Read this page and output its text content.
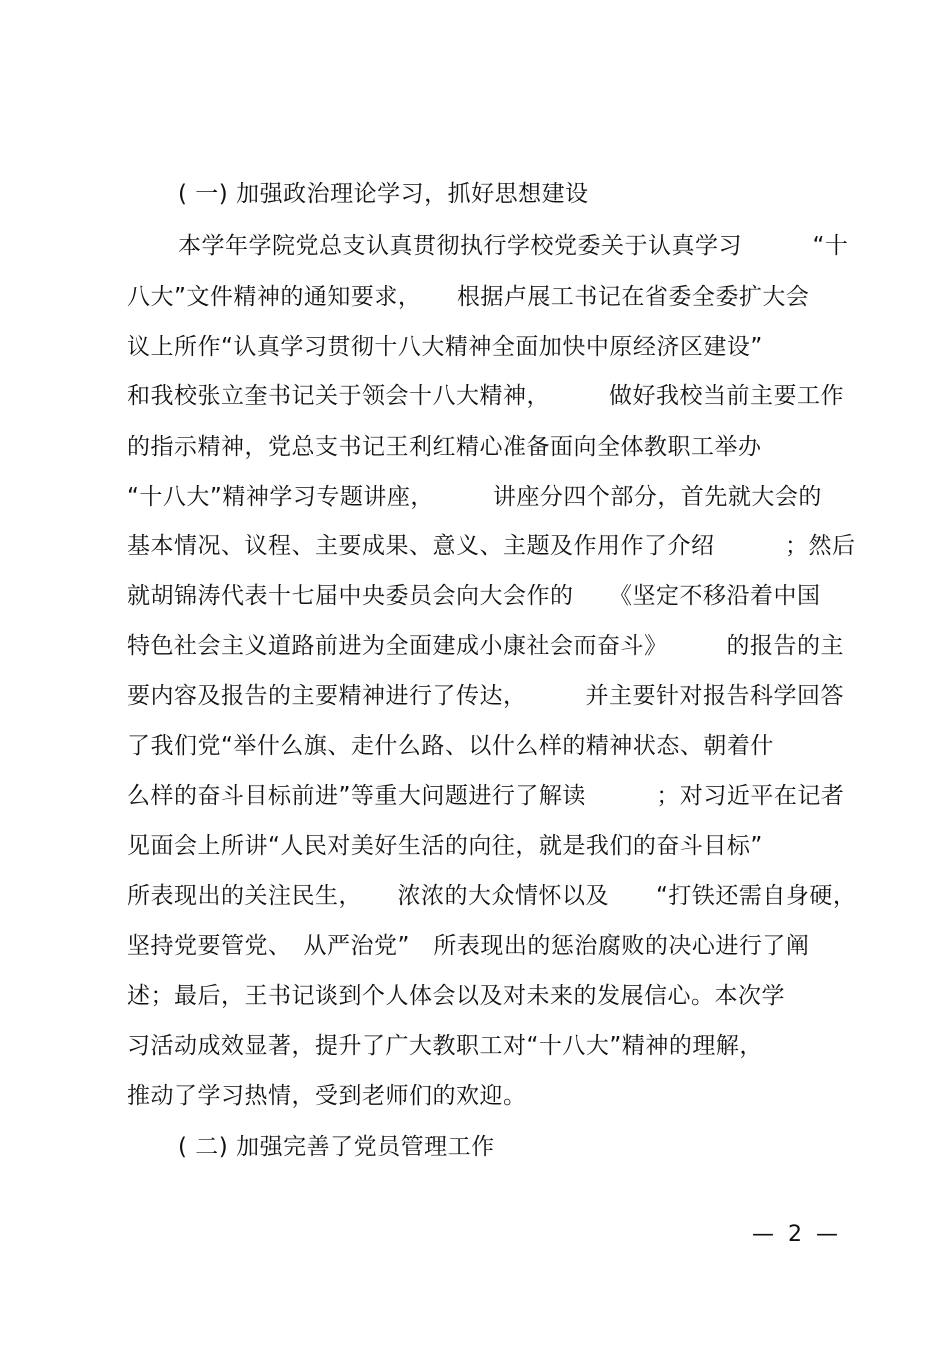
( 一) 加强政治理论学习，抓好思想建设
本学年学院党总支认真贯彻执行学校党委关于认真学习　　　“十
八大”文件精神的通知要求，　　根据卢展工书记在省委全委扩大会
议上所作“认真学习贯彻十八大精神全面加快中原经济区建设”
和我校张立奎书记关于领会十八大精神，　　　做好我校当前主要工作
的指示精神，党总支书记王利红精心准备面向全体教职工举办
“十八大”精神学习专题讲座，　　　讲座分四个部分，首先就大会的
基本情况、议程、主要成果、意义、主题及作用作了介绍　　　；然后
就胡锦涛代表十七届中央委员会向大会作的　　《坚定不移沿着中国
特色社会主义道路前进为全面建成小康社会而奋斗》　　　的报告的主
要内容及报告的主要精神进行了传达，　　　并主要针对报告科学回答
了我们党“举什么旗、走什么路、以什么样的精神状态、朝着什
么样的奋斗目标前进”等重大问题进行了解读　　　；对习近平在记者
见面会上所讲“人民对美好生活的向往，就是我们的奋斗目标”
所表现出的关注民生，　　浓浓的大众情怀以及　　“打铁还需自身硬，
坚持党要管党、　从严治党”　所表现出的惩治腐败的决心进行了阐
述；最后，王书记谈到个人体会以及对未来的发展信心。本次学
习活动成效显著，提升了广大教职工对“十八大”精神的理解，
推动了学习热情，受到老师们的欢迎。
( 二) 加强完善了党员管理工作
—  2  —
